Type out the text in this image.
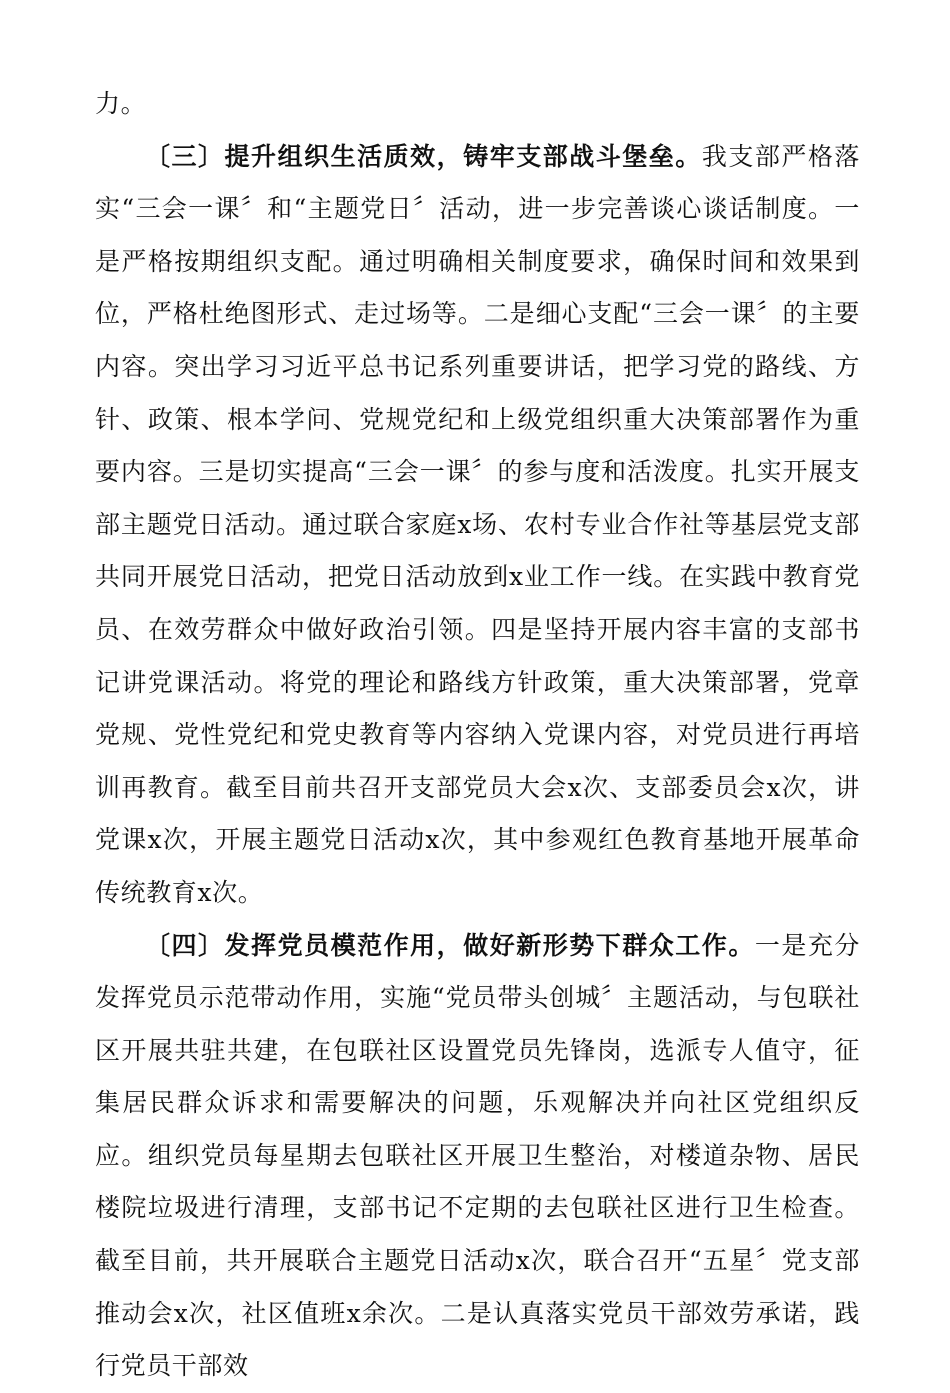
力。

〔三〕提升组织生活质效，铸牢支部战斗堡垒。我支部严格落实“三会一课〞和“主题党日〞活动，进一步完善谈心谈话制度。一是严格按期组织支配。通过明确相关制度要求，确保时间和效果到位，严格杜绝图形式、走过场等。二是细心支配“三会一课〞的主要内容。突出学习习近平总书记系列重要讲话，把学习党的路线、方针、政策、根本学问、党规党纪和上级党组织重大决策部署作为重要内容。三是切实提高“三会一课〞的参与度和活泼度。扎实开展支部主题党日活动。通过联合家庭x场、农村专业合作社等基层党支部共同开展党日活动，把党日活动放到x业工作一线。在实践中教育党员、在效劳群众中做好政治引领。四是坚持开展内容丰富的支部书记讲党课活动。将党的理论和路线方针政策，重大决策部署，党章党规、党性党纪和党史教育等内容纳入党课内容，对党员进行再培训再教育。截至目前共召开支部党员大会x次、支部委员会x次，讲党课x次，开展主题党日活动x次，其中参观红色教育基地开展革命传统教育x次。

〔四〕发挥党员模范作用，做好新形势下群众工作。一是充分发挥党员示范带动作用，实施“党员带头创城〞主题活动，与包联社区开展共驻共建，在包联社区设置党员先锋岗，选派专人值守，征集居民群众诉求和需要解决的问题，乐观解决并向社区党组织反应。组织党员每星期去包联社区开展卫生整治，对楼道杂物、居民楼院垃圾进行清理，支部书记不定期的去包联社区进行卫生检查。截至目前，共开展联合主题党日活动x次，联合召开“五星〞党支部推动会x次，社区值班x余次。二是认真落实党员干部效劳承诺，践行党员干部效
